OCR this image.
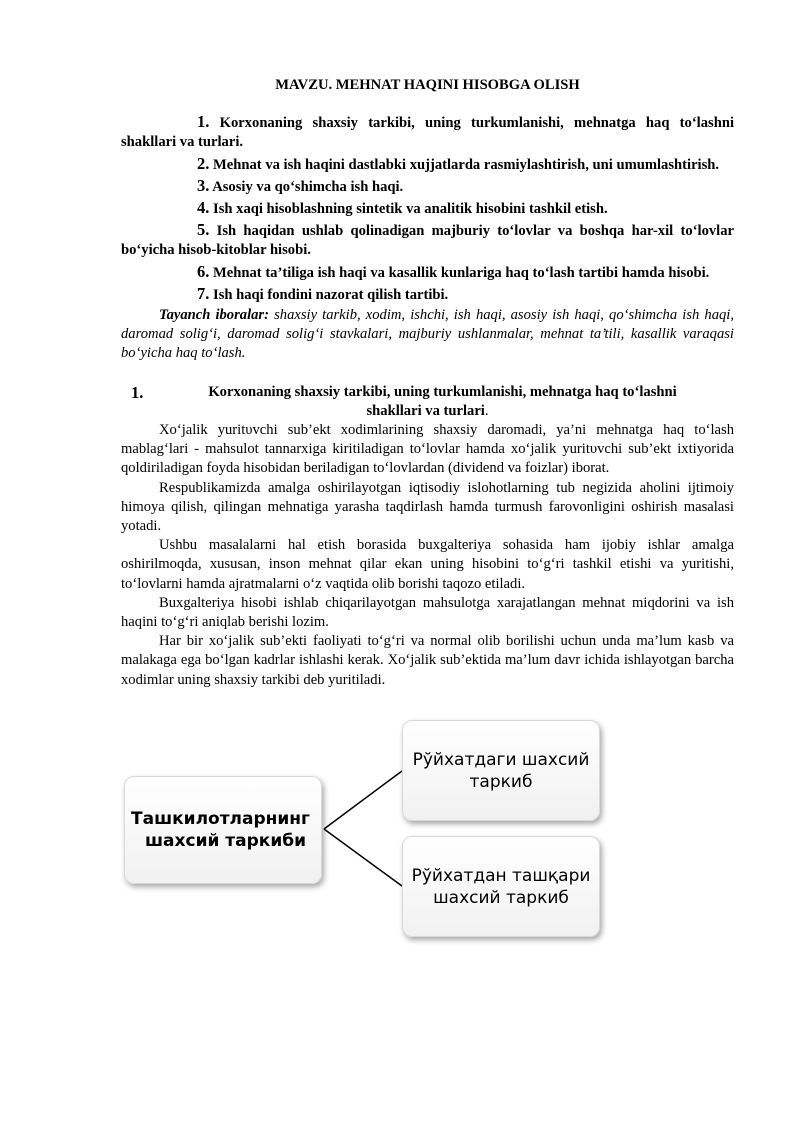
MAVZU. MEHNAT HAQINI HISOBGA OLISH

1. Korxonaning shaxsiy tarkibi, uning turkumlanishi, mehnatga haq to‘lashni shakllari va turlari.

2. Mehnat va ish haqini dastlabki xujjatlarda rasmiylashtirish, uni umumlashtirish.

3. Asosiy va qo‘shimcha ish haqi.

4. Ish xaqi hisoblashning sintetik va analitik hisobini tashkil etish.

5. Ish haqidan ushlab qolinadigan majburiy to‘lovlar va boshqa har-xil to‘lovlar bo‘yicha hisob-kitoblar hisobi.

6. Mehnat ta’tiliga ish haqi va kasallik kunlariga haq to‘lash tartibi hamda hisobi.

7. Ish haqi fondini nazorat qilish tartibi.

Tayanch iboralar: shaxsiy tarkib, xodim, ishchi, ish haqi, asosiy ish haqi, qo‘shimcha ish haqi, daromad solig‘i, daromad solig‘i stavkalari, majburiy ushlanmalar, mehnat ta’tili, kasallik varaqasi bo‘yicha haq to‘lash.

1.	Korxonaning shaxsiy tarkibi, uning turkumlanishi, mehnatga haq to‘lashni
shakllari va turlari.

Xo‘jalik yuritυvchi sub’ekt xodimlarining shaxsiy daromadi, ya’ni mehnatga haq to‘lash mablag‘lari - mahsulot tannarxiga kiritiladigan to‘lovlar hamda xo‘jalik yuritυvchi sub’ekt ixtiyorida qoldiriladigan foyda hisobidan beriladigan to‘lovlardan (dividend va foizlar) iborat.

Respublikamizda amalga oshirilayotgan iqtisodiy islohotlarning tub negizida aholini ijtimoiy himoya qilish, qilingan mehnatiga yarasha taqdirlash hamda turmush farovonligini oshirish masalasi yotadi.

Ushbu masalalarni hal etish borasida buxgalteriya sohasida ham ijobiy ishlar amalga oshirilmoqda, xususan, inson mehnat qilar ekan uning hisobini to‘g‘ri tashkil etishi va yuritishi, to‘lovlarni hamda ajratmalarni o‘z vaqtida olib borishi taqozo etiladi.

Buxgalteriya hisobi ishlab chiqarilayotgan mahsulotga xarajatlangan mehnat miqdorini va ish haqini to‘g‘ri aniqlab berishi lozim.

Har bir xo‘jalik sub’ekti faoliyati to‘g‘ri va normal olib borilishi uchun unda ma’lum kasb va malakaga ega bo‘lgan kadrlar ishlashi kerak. Xo‘jalik sub’ektida ma’lum davr ichida ishlayotgan barcha xodimlar uning shaxsiy tarkibi deb yuritiladi.

Ташкилотларнинг
шахсий таркиби
Рўйхатдаги шахсий
таркиб
Рўйхатдан ташқари
шахсий таркиб
